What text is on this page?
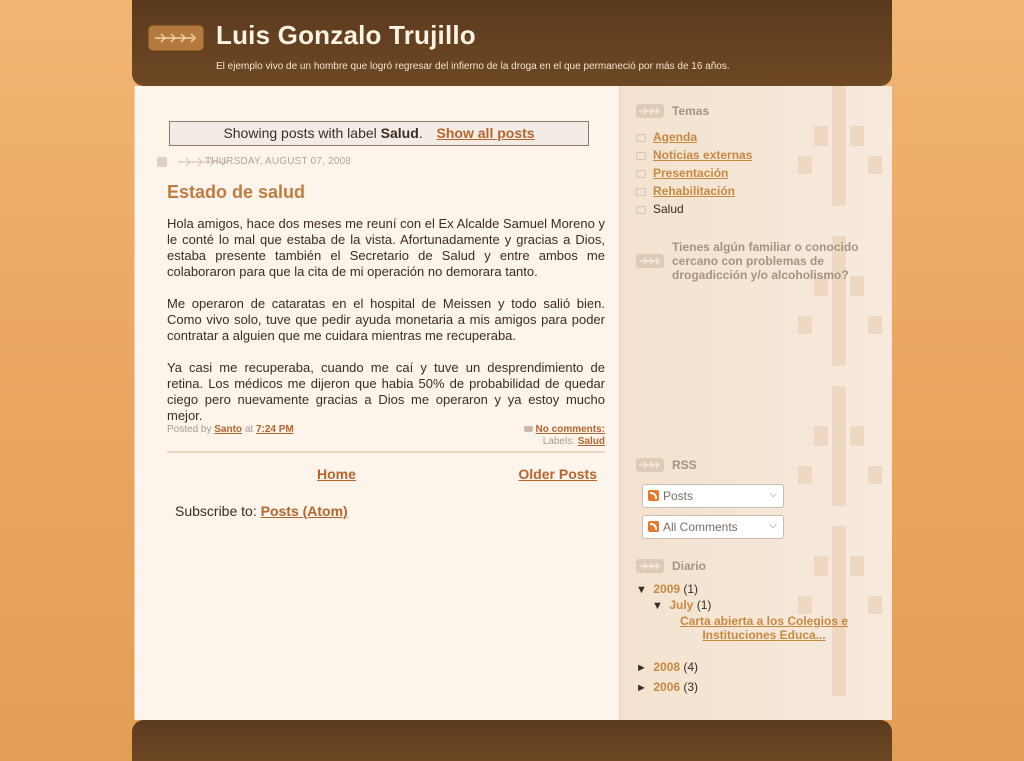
Luis Gonzalo Trujillo
El ejemplo vivo de un hombre que logró regresar del infierno de la droga en el que permaneció por más de 16 años.
Temas
Agenda
Noticias externas
Presentación
Rehabilitación
Salud
Tienes algún familiar o conocido cercano con problemas de drogadicción y/o alcoholismo?
RSS
Posts	⌵
All Comments	⌵
Diario
▼ 2009 (1)
▼ July (1)
Carta abierta a los Colegios e Instituciones Educa...
► 2008 (4)
► 2006 (3)
Showing posts with label Salud. Show all posts
THURSDAY, AUGUST 07, 2008
Estado de salud

Hola amigos, hace dos meses me reuní con el Ex Alcalde Samuel Moreno y le conté lo mal que estaba de la vista. Afortunadamente y gracias a Dios, estaba presente también el Secretario de Salud y entre ambos me colaboraron para que la cita de mi operación no demorara tanto.

Me operaron de cataratas en el hospital de Meissen y todo salió bien. Como vivo solo, tuve que pedir ayuda monetaria a mis amigos para poder contratar a alguien que me cuidara mientras me recuperaba.

Ya casi me recuperaba, cuando me caí y tuve un desprendimiento de retina. Los médicos me dijeron que habia 50% de probabilidad de quedar ciego pero nuevamente gracias a Dios me operaron y ya estoy mucho mejor.

Posted by Santo at 7:24 PM	No comments:
Labels: Salud
Home	Older Posts
Subscribe to: Posts (Atom)
